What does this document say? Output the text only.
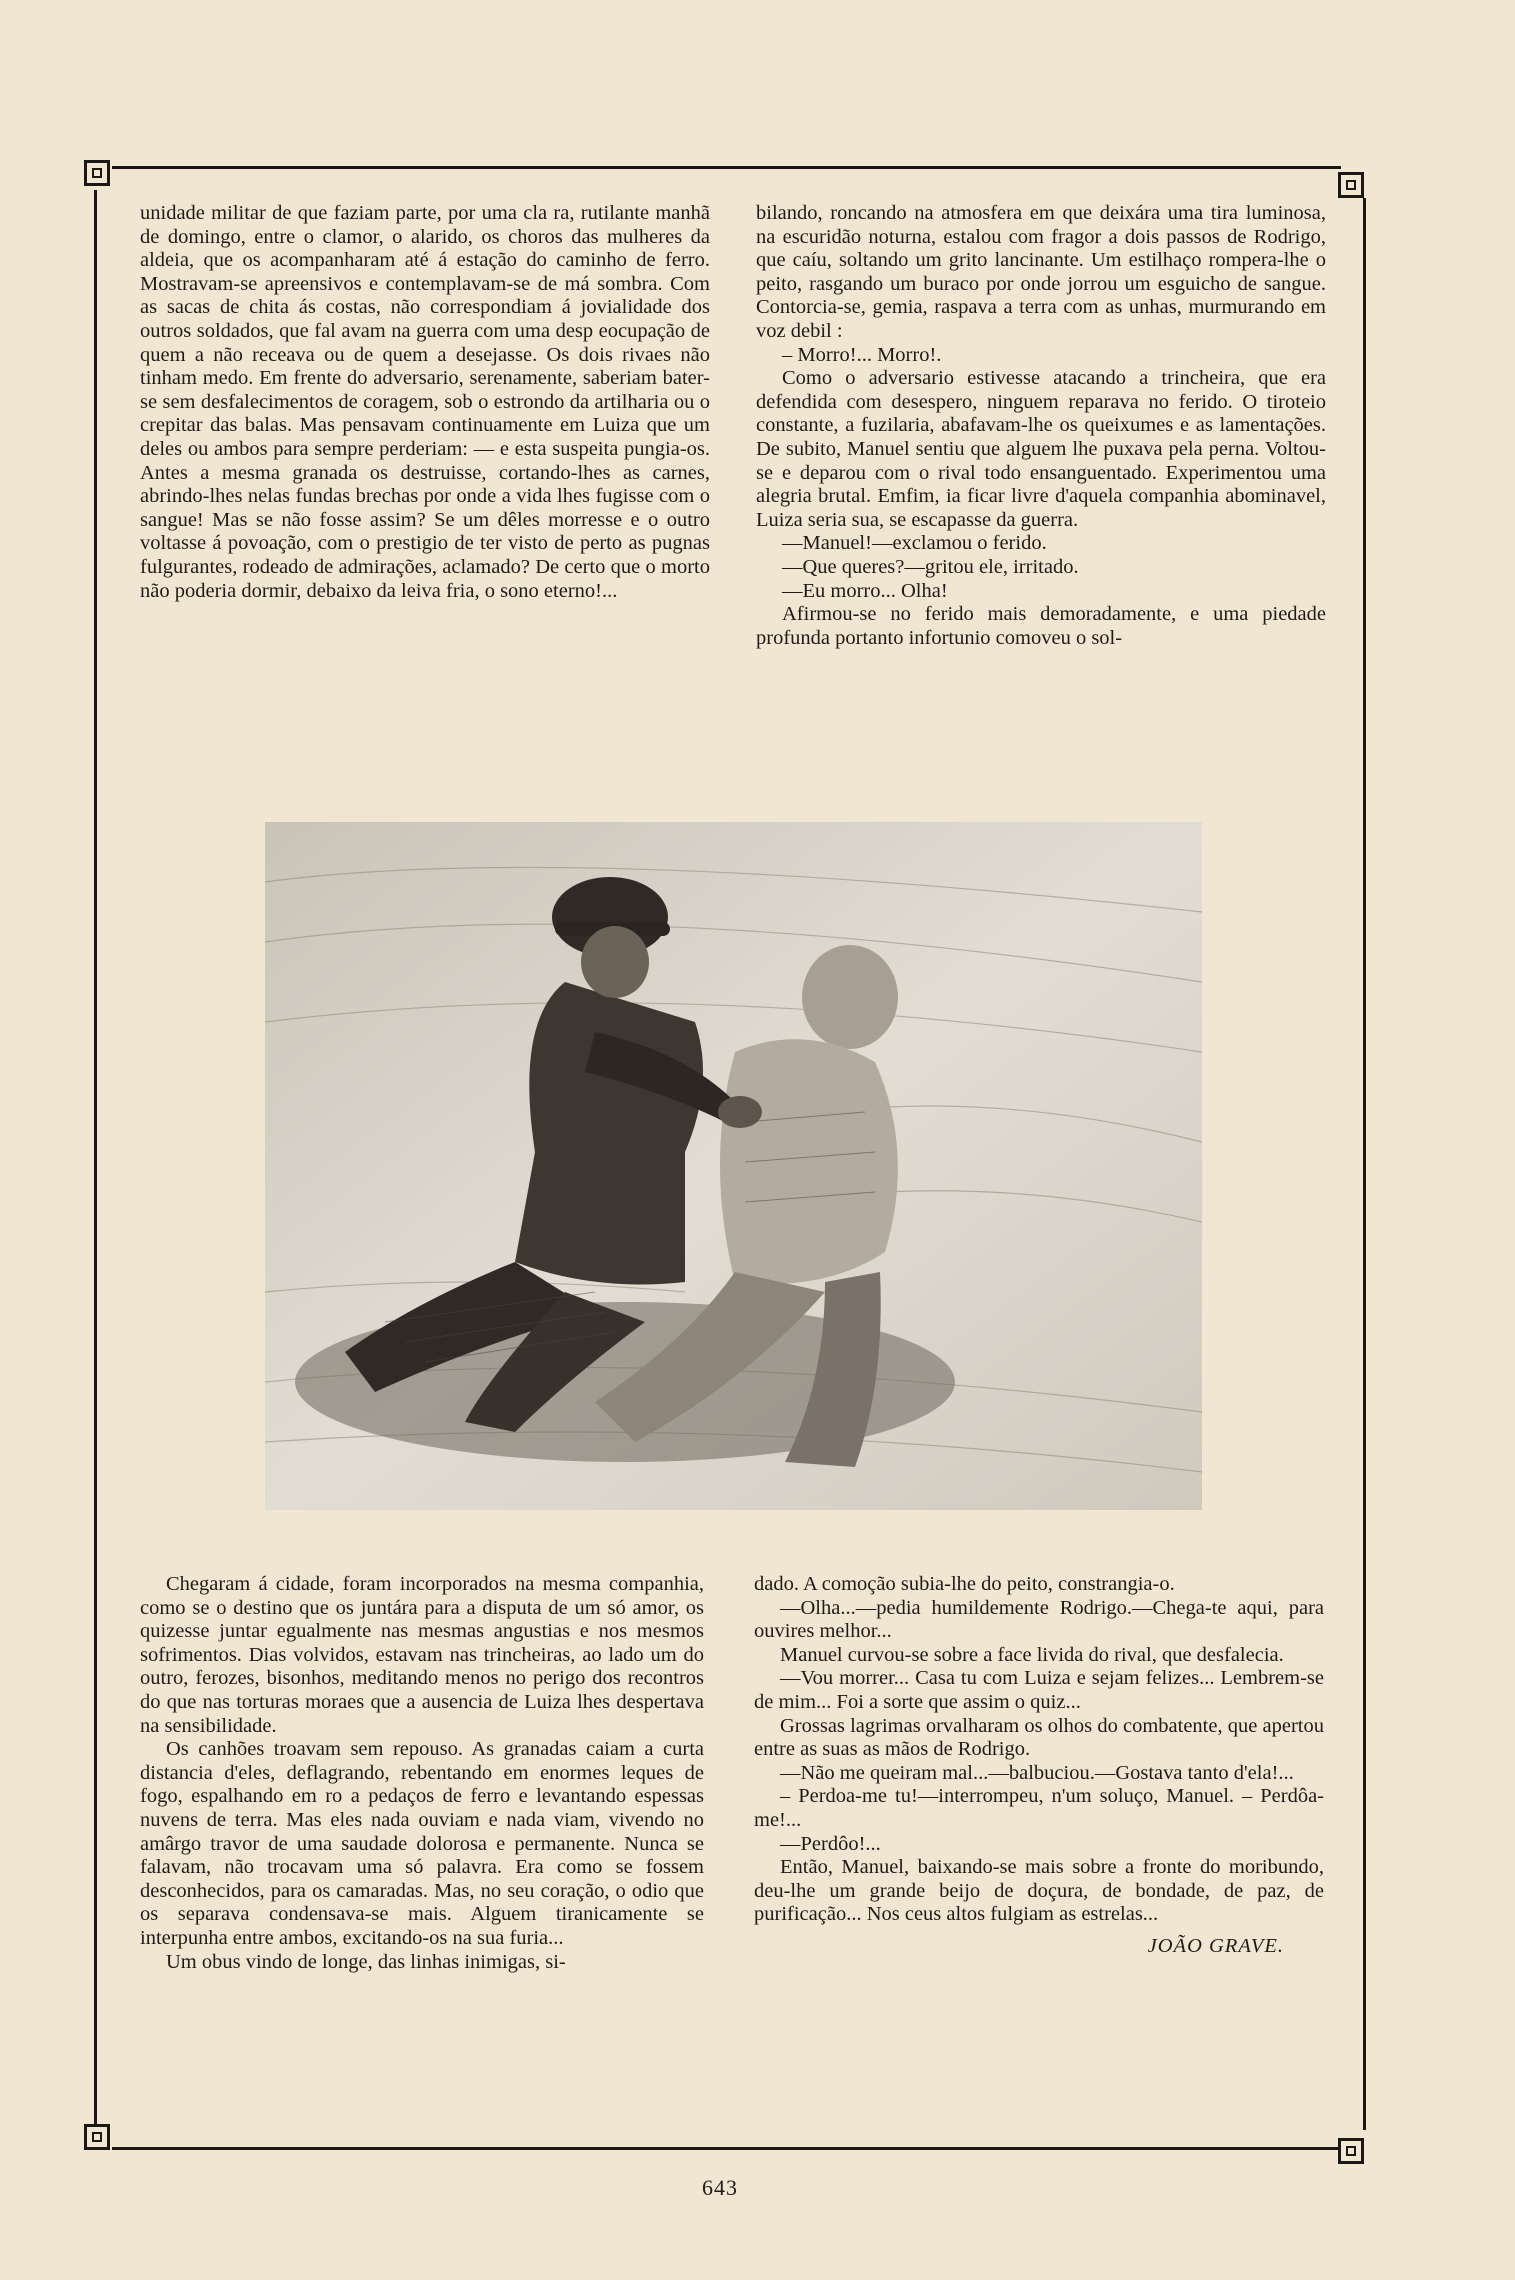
unidade militar de que faziam parte, por uma cla ra, rutilante manhã de domingo, entre o clamor, o alarido, os choros das mulheres da aldeia, que os acompanharam até á estação do caminho de ferro. Mostravam-se apreensivos e contemplavam-se de má sombra. Com as sacas de chita ás costas, não correspondiam á jovialidade dos outros soldados, que fal avam na guerra com uma desp eocupação de quem a não receava ou de quem a desejasse. Os dois rivaes não tinham medo. Em frente do adversario, serenamente, saberiam bater-se sem desfalecimentos de coragem, sob o estrondo da artilharia ou o crepitar das balas. Mas pensavam continuamente em Luiza que um deles ou ambos para sempre perderiam: — e esta suspeita pungia-os. Antes a mesma granada os destruisse, cortando-lhes as carnes, abrindo-lhes nelas fundas brechas por onde a vida lhes fugisse com o sangue! Mas se não fosse assim? Se um dêles morresse e o outro voltasse á povoação, com o prestigio de ter visto de perto as pugnas fulgurantes, rodeado de admirações, aclamado? De certo que o morto não poderia dormir, debaixo da leiva fria, o sono eterno!...

bilando, roncando na atmosfera em que deixára uma tira luminosa, na escuridão noturna, estalou com fragor a dois passos de Rodrigo, que caíu, soltando um grito lancinante. Um estilhaço rompera-lhe o peito, rasgando um buraco por onde jorrou um esguicho de sangue. Contorcia-se, gemia, raspava a terra com as unhas, murmurando em voz debil :

– Morro!... Morro!.

Como o adversario estivesse atacando a trincheira, que era defendida com desespero, ninguem reparava no ferido. O tiroteio constante, a fuzilaria, abafavam-lhe os queixumes e as lamentações. De subito, Manuel sentiu que alguem lhe puxava pela perna. Voltou-se e deparou com o rival todo ensanguentado. Experimentou uma alegria brutal. Emfim, ia ficar livre d'aquela companhia abominavel, Luiza seria sua, se escapasse da guerra.

—Manuel!—exclamou o ferido.

—Que queres?—gritou ele, irritado.

—Eu morro... Olha!

Afirmou-se no ferido mais demoradamente, e uma piedade profunda portanto infortunio comoveu o sol-

Chegaram á cidade, foram incorporados na mesma companhia, como se o destino que os juntára para a disputa de um só amor, os quizesse juntar egualmente nas mesmas angustias e nos mesmos sofrimentos. Dias volvidos, estavam nas trincheiras, ao lado um do outro, ferozes, bisonhos, meditando menos no perigo dos recontros do que nas torturas moraes que a ausencia de Luiza lhes despertava na sensibilidade.

Os canhões troavam sem repouso. As granadas caiam a curta distancia d'eles, deflagrando, rebentando em enormes leques de fogo, espalhando em ro a pedaços de ferro e levantando espessas nuvens de terra. Mas eles nada ouviam e nada viam, vivendo no amârgo travor de uma saudade dolorosa e permanente. Nunca se falavam, não trocavam uma só palavra. Era como se fossem desconhecidos, para os camaradas. Mas, no seu coração, o odio que os separava condensava-se mais. Alguem tiranicamente se interpunha entre ambos, excitando-os na sua furia...

Um obus vindo de longe, das linhas inimigas, si-

dado. A comoção subia-lhe do peito, constrangia-o.

—Olha...—pedia humildemente Rodrigo.—Chega-te aqui, para ouvires melhor...

Manuel curvou-se sobre a face livida do rival, que desfalecia.

—Vou morrer... Casa tu com Luiza e sejam felizes... Lembrem-se de mim... Foi a sorte que assim o quiz...

Grossas lagrimas orvalharam os olhos do combatente, que apertou entre as suas as mãos de Rodrigo.

—Não me queiram mal...—balbuciou.—Gostava tanto d'ela!...

– Perdoa-me tu!—interrompeu, n'um soluço, Manuel. – Perdôa-me!...

—Perdôo!...

Então, Manuel, baixando-se mais sobre a fronte do moribundo, deu-lhe um grande beijo de doçura, de bondade, de paz, de purificação... Nos ceus altos fulgiam as estrelas...

JOÃO GRAVE.
643
